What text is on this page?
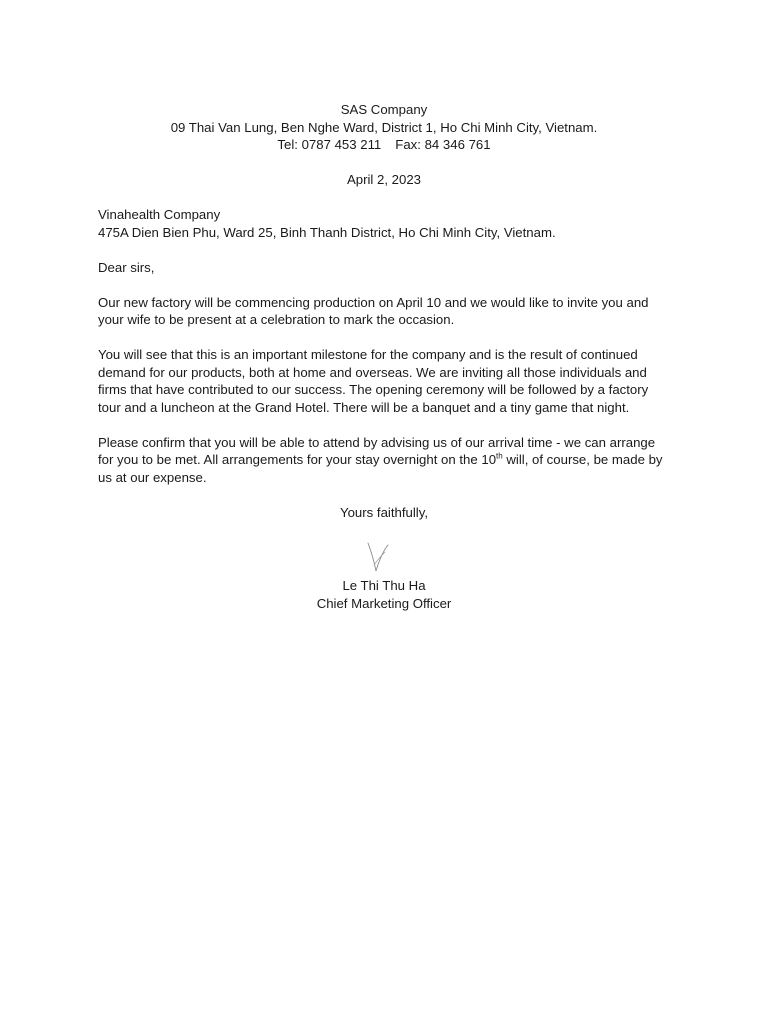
SAS Company
09 Thai Van Lung, Ben Nghe Ward, District 1, Ho Chi Minh City, Vietnam.
Tel: 0787 453 211 Fax: 84 346 761
April 2, 2023
Vinahealth Company
475A Dien Bien Phu, Ward 25, Binh Thanh District, Ho Chi Minh City, Vietnam.
Dear sirs,
Our new factory will be commencing production on April 10 and we would like to invite you and your wife to be present at a celebration to mark the occasion.
You will see that this is an important milestone for the company and is the result of continued demand for our products, both at home and overseas. We are inviting all those individuals and firms that have contributed to our success. The opening ceremony will be followed by a factory tour and a luncheon at the Grand Hotel. There will be a banquet and a tiny game that night.
Please confirm that you will be able to attend by advising us of our arrival time - we can arrange for you to be met. All arrangements for your stay overnight on the 10th will, of course, be made by us at our expense.
Yours faithfully,
Le Thi Thu Ha
Chief Marketing Officer
